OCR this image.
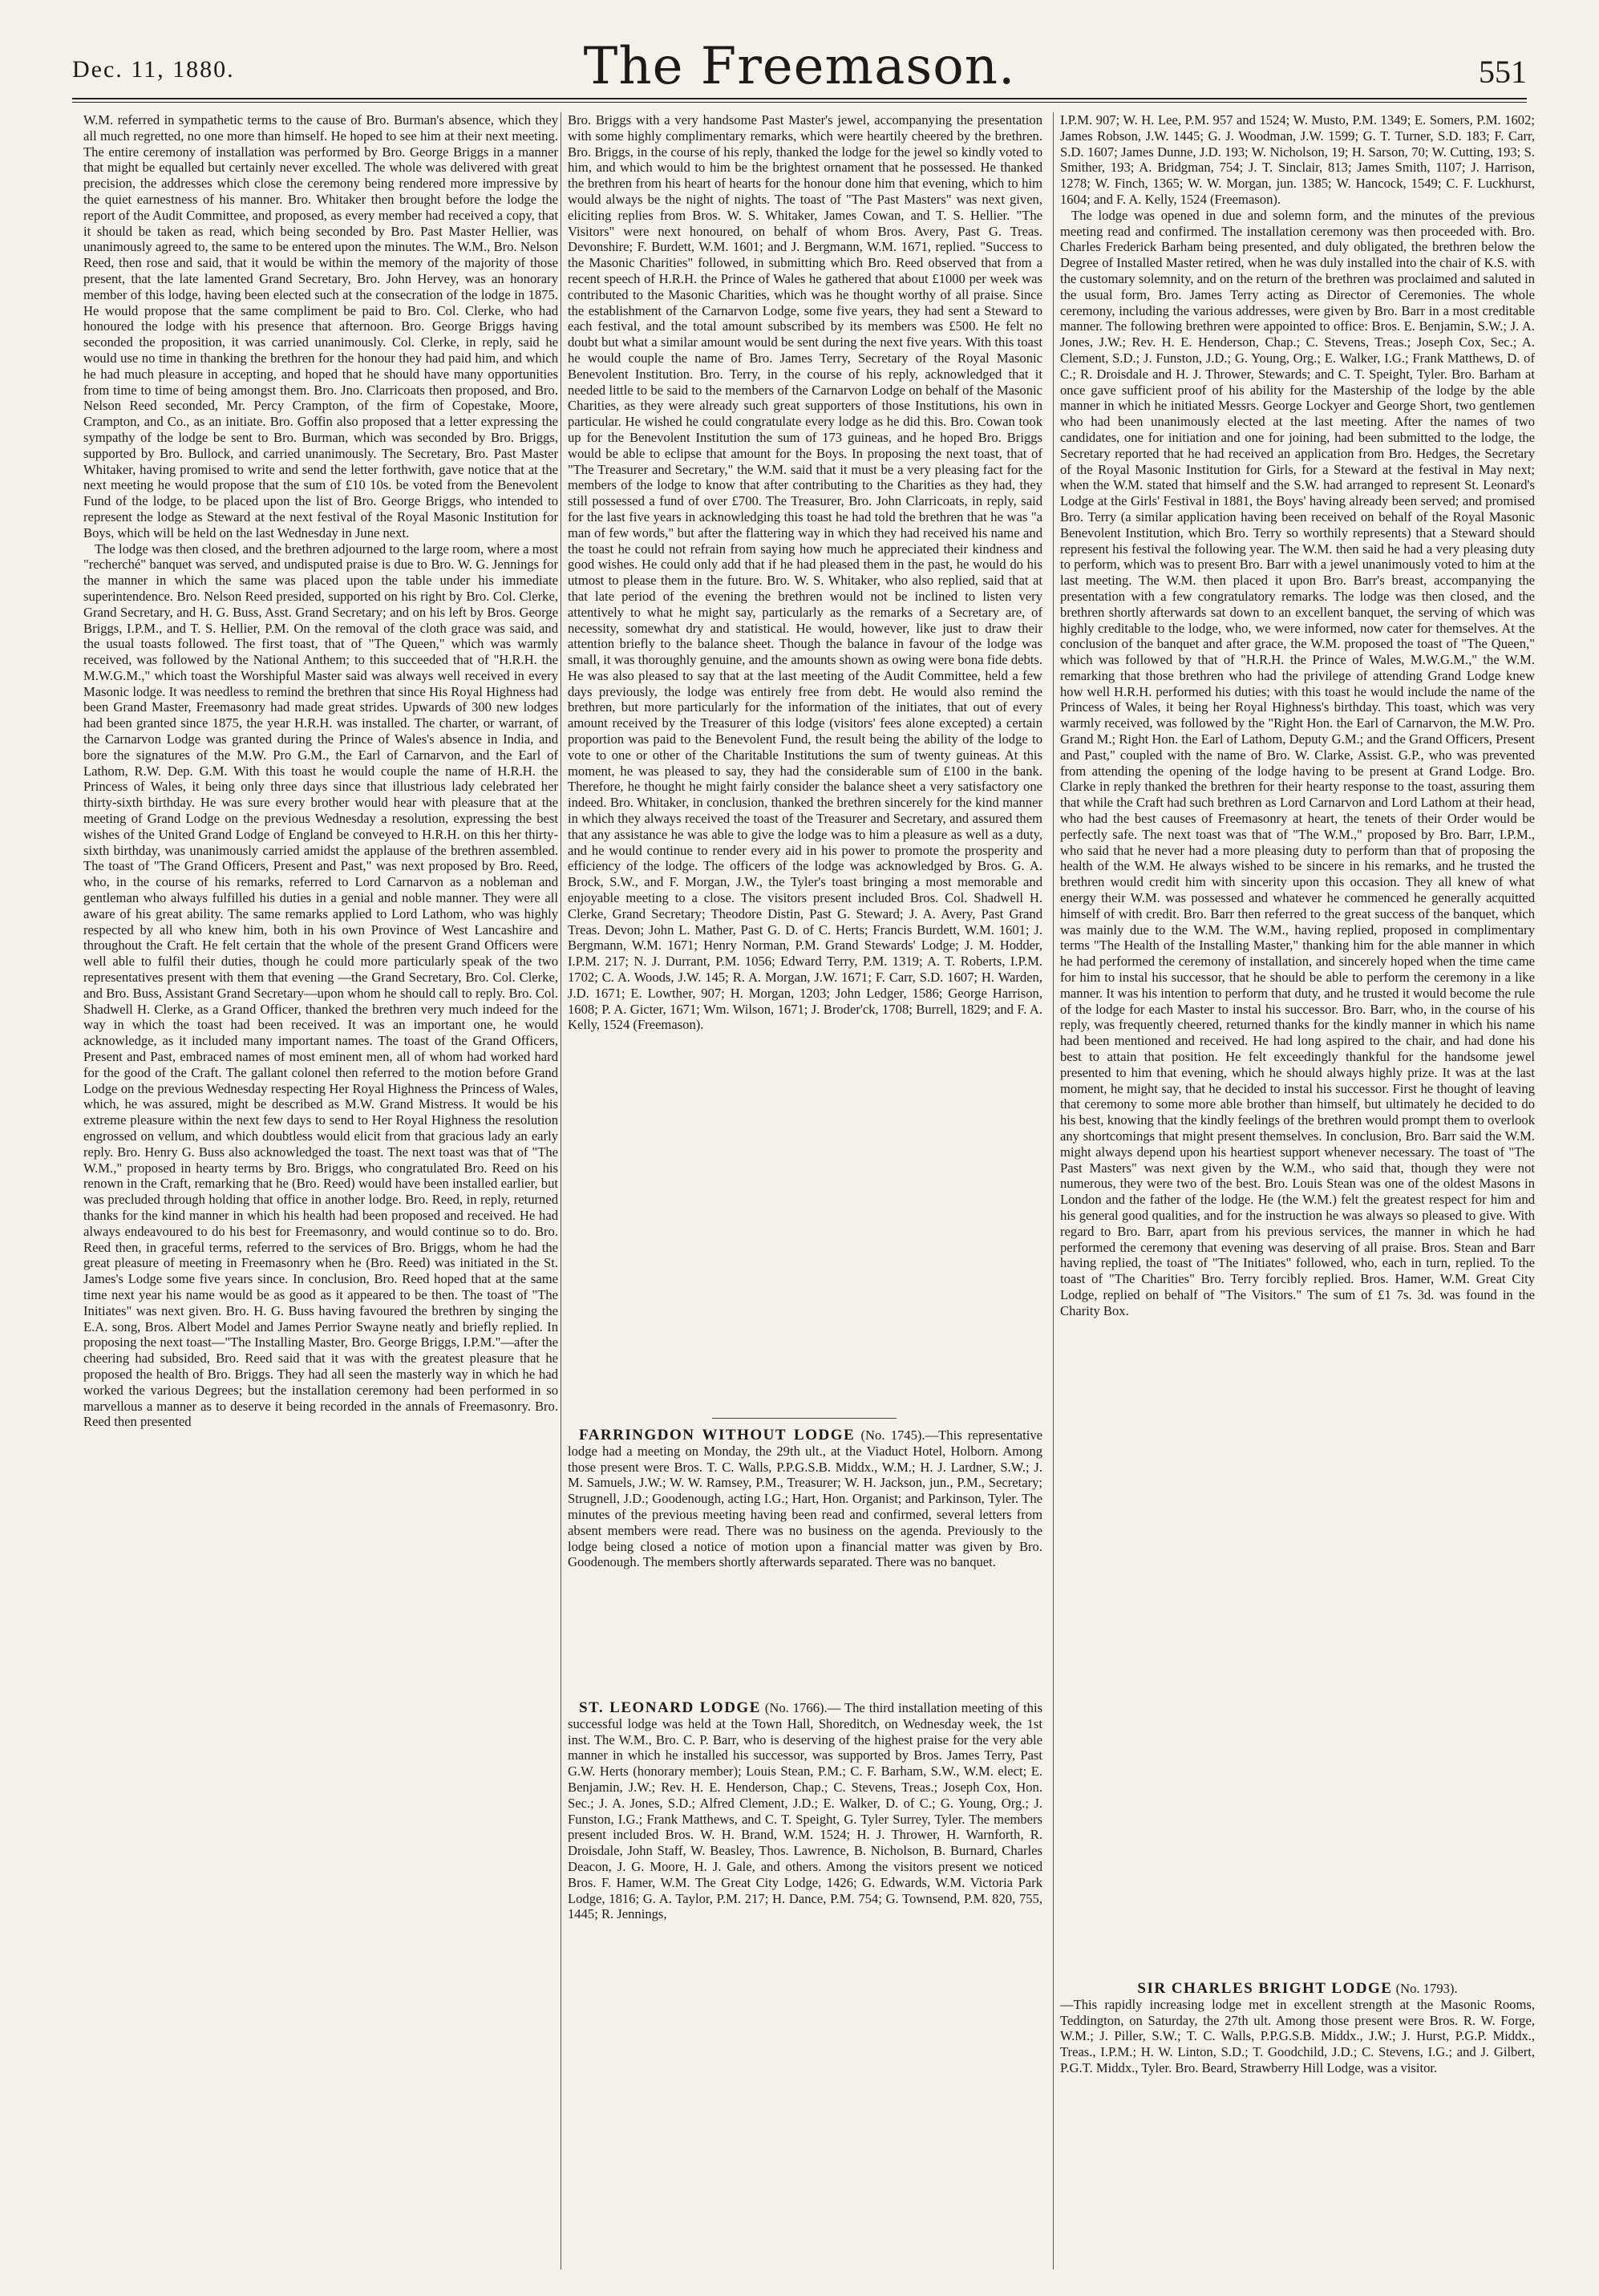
Dec. 11, 1880.	The Freemason.	551

W.M. referred in sympathetic terms to the cause of Bro. Burman's absence, which they all much regretted, no one more than himself. He hoped to see him at their next meeting. The entire ceremony of installation was performed by Bro. George Briggs in a manner that might be equalled but certainly never excelled. The whole was delivered with great precision, the addresses which close the ceremony being rendered more impressive by the quiet earnestness of his manner. Bro. Whitaker then brought before the lodge the report of the Audit Committee, and proposed, as every member had received a copy, that it should be taken as read, which being seconded by Bro. Past Master Hellier, was unanimously agreed to, the same to be entered upon the minutes. The W.M., Bro. Nelson Reed, then rose and said, that it would be within the memory of the majority of those present, that the late lamented Grand Secretary, Bro. John Hervey, was an honorary member of this lodge, having been elected such at the consecration of the lodge in 1875. He would propose that the same compliment be paid to Bro. Col. Clerke, who had honoured the lodge with his presence that afternoon. Bro. George Briggs having seconded the proposition, it was carried unanimously. Col. Clerke, in reply, said he would use no time in thanking the brethren for the honour they had paid him, and which he had much pleasure in accepting, and hoped that he should have many opportunities from time to time of being amongst them. Bro. Jno. Clarricoats then proposed, and Bro. Nelson Reed seconded, Mr. Percy Crampton, of the firm of Copestake, Moore, Crampton, and Co., as an initiate. Bro. Goffin also proposed that a letter expressing the sympathy of the lodge be sent to Bro. Burman, which was seconded by Bro. Briggs, supported by Bro. Bullock, and carried unanimously. The Secretary, Bro. Past Master Whitaker, having promised to write and send the letter forthwith, gave notice that at the next meeting he would propose that the sum of £10 10s. be voted from the Benevolent Fund of the lodge, to be placed upon the list of Bro. George Briggs, who intended to represent the lodge as Steward at the next festival of the Royal Masonic Institution for Boys, which will be held on the last Wednesday in June next.

The lodge was then closed, and the brethren adjourned to the large room, where a most "recherché" banquet was served, and undisputed praise is due to Bro. W. G. Jennings for the manner in which the same was placed upon the table under his immediate superintendence. Bro. Nelson Reed presided, supported on his right by Bro. Col. Clerke, Grand Secretary, and H. G. Buss, Asst. Grand Secretary; and on his left by Bros. George Briggs, I.P.M., and T. S. Hellier, P.M. On the removal of the cloth grace was said, and the usual toasts followed. The first toast, that of "The Queen," which was warmly received, was followed by the National Anthem; to this succeeded that of "H.R.H. the M.W.G.M.," which toast the Worshipful Master said was always well received in every Masonic lodge. It was needless to remind the brethren that since His Royal Highness had been Grand Master, Freemasonry had made great strides. Upwards of 300 new lodges had been granted since 1875, the year H.R.H. was installed. The charter, or warrant, of the Carnarvon Lodge was granted during the Prince of Wales's absence in India, and bore the signatures of the M.W. Pro G.M., the Earl of Carnarvon, and the Earl of Lathom, R.W. Dep. G.M. With this toast he would couple the name of H.R.H. the Princess of Wales, it being only three days since that illustrious lady celebrated her thirty-sixth birthday. He was sure every brother would hear with pleasure that at the meeting of Grand Lodge on the previous Wednesday a resolution, expressing the best wishes of the United Grand Lodge of England be conveyed to H.R.H. on this her thirty-sixth birthday, was unanimously carried amidst the applause of the brethren assembled. The toast of "The Grand Officers, Present and Past," was next proposed by Bro. Reed, who, in the course of his remarks, referred to Lord Carnarvon as a nobleman and gentleman who always fulfilled his duties in a genial and noble manner. They were all aware of his great ability. The same remarks applied to Lord Lathom, who was highly respected by all who knew him, both in his own Province of West Lancashire and throughout the Craft. He felt certain that the whole of the present Grand Officers were well able to fulfil their duties, though he could more particularly speak of the two representatives present with them that evening —the Grand Secretary, Bro. Col. Clerke, and Bro. Buss, Assistant Grand Secretary—upon whom he should call to reply. Bro. Col. Shadwell H. Clerke, as a Grand Officer, thanked the brethren very much indeed for the way in which the toast had been received. It was an important one, he would acknowledge, as it included many important names. The toast of the Grand Officers, Present and Past, embraced names of most eminent men, all of whom had worked hard for the good of the Craft. The gallant colonel then referred to the motion before Grand Lodge on the previous Wednesday respecting Her Royal Highness the Princess of Wales, which, he was assured, might be described as M.W. Grand Mistress. It would be his extreme pleasure within the next few days to send to Her Royal Highness the resolution engrossed on vellum, and which doubtless would elicit from that gracious lady an early reply. Bro. Henry G. Buss also acknowledged the toast. The next toast was that of "The W.M.," proposed in hearty terms by Bro. Briggs, who congratulated Bro. Reed on his renown in the Craft, remarking that he (Bro. Reed) would have been installed earlier, but was precluded through holding that office in another lodge. Bro. Reed, in reply, returned thanks for the kind manner in which his health had been proposed and received. He had always endeavoured to do his best for Freemasonry, and would continue so to do. Bro. Reed then, in graceful terms, referred to the services of Bro. Briggs, whom he had the great pleasure of meeting in Freemasonry when he (Bro. Reed) was initiated in the St. James's Lodge some five years since. In conclusion, Bro. Reed hoped that at the same time next year his name would be as good as it appeared to be then. The toast of "The Initiates" was next given. Bro. H. G. Buss having favoured the brethren by singing the E.A. song, Bros. Albert Model and James Perrior Swayne neatly and briefly replied. In proposing the next toast—"The Installing Master, Bro. George Briggs, I.P.M."—after the cheering had subsided, Bro. Reed said that it was with the greatest pleasure that he proposed the health of Bro. Briggs. They had all seen the masterly way in which he had worked the various Degrees; but the installation ceremony had been performed in so marvellous a manner as to deserve it being recorded in the annals of Freemasonry. Bro. Reed then presented

Bro. Briggs with a very handsome Past Master's jewel, accompanying the presentation with some highly complimentary remarks, which were heartily cheered by the brethren. Bro. Briggs, in the course of his reply, thanked the lodge for the jewel so kindly voted to him, and which would to him be the brightest ornament that he possessed. He thanked the brethren from his heart of hearts for the honour done him that evening, which to him would always be the night of nights. The toast of "The Past Masters" was next given, eliciting replies from Bros. W. S. Whitaker, James Cowan, and T. S. Hellier. "The Visitors" were next honoured, on behalf of whom Bros. Avery, Past G. Treas. Devonshire; F. Burdett, W.M. 1601; and J. Bergmann, W.M. 1671, replied. "Success to the Masonic Charities" followed, in submitting which Bro. Reed observed that from a recent speech of H.R.H. the Prince of Wales he gathered that about £1000 per week was contributed to the Masonic Charities, which was he thought worthy of all praise. Since the establishment of the Carnarvon Lodge, some five years, they had sent a Steward to each festival, and the total amount subscribed by its members was £500. He felt no doubt but what a similar amount would be sent during the next five years. With this toast he would couple the name of Bro. James Terry, Secretary of the Royal Masonic Benevolent Institution. Bro. Terry, in the course of his reply, acknowledged that it needed little to be said to the members of the Carnarvon Lodge on behalf of the Masonic Charities, as they were already such great supporters of those Institutions, his own in particular. He wished he could congratulate every lodge as he did this. Bro. Cowan took up for the Benevolent Institution the sum of 173 guineas, and he hoped Bro. Briggs would be able to eclipse that amount for the Boys. In proposing the next toast, that of "The Treasurer and Secretary," the W.M. said that it must be a very pleasing fact for the members of the lodge to know that after contributing to the Charities as they had, they still possessed a fund of over £700. The Treasurer, Bro. John Clarricoats, in reply, said for the last five years in acknowledging this toast he had told the brethren that he was "a man of few words," but after the flattering way in which they had received his name and the toast he could not refrain from saying how much he appreciated their kindness and good wishes. He could only add that if he had pleased them in the past, he would do his utmost to please them in the future. Bro. W. S. Whitaker, who also replied, said that at that late period of the evening the brethren would not be inclined to listen very attentively to what he might say, particularly as the remarks of a Secretary are, of necessity, somewhat dry and statistical. He would, however, like just to draw their attention briefly to the balance sheet. Though the balance in favour of the lodge was small, it was thoroughly genuine, and the amounts shown as owing were bona fide debts. He was also pleased to say that at the last meeting of the Audit Committee, held a few days previously, the lodge was entirely free from debt. He would also remind the brethren, but more particularly for the information of the initiates, that out of every amount received by the Treasurer of this lodge (visitors' fees alone excepted) a certain proportion was paid to the Benevolent Fund, the result being the ability of the lodge to vote to one or other of the Charitable Institutions the sum of twenty guineas. At this moment, he was pleased to say, they had the considerable sum of £100 in the bank. Therefore, he thought he might fairly consider the balance sheet a very satisfactory one indeed. Bro. Whitaker, in conclusion, thanked the brethren sincerely for the kind manner in which they always received the toast of the Treasurer and Secretary, and assured them that any assistance he was able to give the lodge was to him a pleasure as well as a duty, and he would continue to render every aid in his power to promote the prosperity and efficiency of the lodge. The officers of the lodge was acknowledged by Bros. G. A. Brock, S.W., and F. Morgan, J.W., the Tyler's toast bringing a most memorable and enjoyable meeting to a close. The visitors present included Bros. Col. Shadwell H. Clerke, Grand Secretary; Theodore Distin, Past G. Steward; J. A. Avery, Past Grand Treas. Devon; John L. Mather, Past G. D. of C. Herts; Francis Burdett, W.M. 1601; J. Bergmann, W.M. 1671; Henry Norman, P.M. Grand Stewards' Lodge; J. M. Hodder, I.P.M. 217; N. J. Durrant, P.M. 1056; Edward Terry, P.M. 1319; A. T. Roberts, I.P.M. 1702; C. A. Woods, J.W. 145; R. A. Morgan, J.W. 1671; F. Carr, S.D. 1607; H. Warden, J.D. 1671; E. Lowther, 907; H. Morgan, 1203; John Ledger, 1586; George Harrison, 1608; P. A. Gicter, 1671; Wm. Wilson, 1671; J. Broder'ck, 1708; Burrell, 1829; and F. A. Kelly, 1524 (Freemason).

FARRINGDON WITHOUT LODGE (No. 1745).—This representative lodge had a meeting on Monday, the 29th ult., at the Viaduct Hotel, Holborn. Among those present were Bros. T. C. Walls, P.P.G.S.B. Middx., W.M.; H. J. Lardner, S.W.; J. M. Samuels, J.W.; W. W. Ramsey, P.M., Treasurer; W. H. Jackson, jun., P.M., Secretary; Strugnell, J.D.; Goodenough, acting I.G.; Hart, Hon. Organist; and Parkinson, Tyler. The minutes of the previous meeting having been read and confirmed, several letters from absent members were read. There was no business on the agenda. Previously to the lodge being closed a notice of motion upon a financial matter was given by Bro. Goodenough. The members shortly afterwards separated. There was no banquet.

ST. LEONARD LODGE (No. 1766).— The third installation meeting of this successful lodge was held at the Town Hall, Shoreditch, on Wednesday week, the 1st inst. The W.M., Bro. C. P. Barr, who is deserving of the highest praise for the very able manner in which he installed his successor, was supported by Bros. James Terry, Past G.W. Herts (honorary member); Louis Stean, P.M.; C. F. Barham, S.W., W.M. elect; E. Benjamin, J.W.; Rev. H. E. Henderson, Chap.; C. Stevens, Treas.; Joseph Cox, Hon. Sec.; J. A. Jones, S.D.; Alfred Clement, J.D.; E. Walker, D. of C.; G. Young, Org.; J. Funston, I.G.; Frank Matthews, and C. T. Speight, G. Tyler Surrey, Tyler. The members present included Bros. W. H. Brand, W.M. 1524; H. J. Thrower, H. Warnforth, R. Droisdale, John Staff, W. Beasley, Thos. Lawrence, B. Nicholson, B. Burnard, Charles Deacon, J. G. Moore, H. J. Gale, and others. Among the visitors present we noticed Bros. F. Hamer, W.M. The Great City Lodge, 1426; G. Edwards, W.M. Victoria Park Lodge, 1816; G. A. Taylor, P.M. 217; H. Dance, P.M. 754; G. Townsend, P.M. 820, 755, 1445; R. Jennings,

I.P.M. 907; W. H. Lee, P.M. 957 and 1524; W. Musto, P.M. 1349; E. Somers, P.M. 1602; James Robson, J.W. 1445; G. J. Woodman, J.W. 1599; G. T. Turner, S.D. 183; F. Carr, S.D. 1607; James Dunne, J.D. 193; W. Nicholson, 19; H. Sarson, 70; W. Cutting, 193; S. Smither, 193; A. Bridgman, 754; J. T. Sinclair, 813; James Smith, 1107; J. Harrison, 1278; W. Finch, 1365; W. W. Morgan, jun. 1385; W. Hancock, 1549; C. F. Luckhurst, 1604; and F. A. Kelly, 1524 (Freemason).

The lodge was opened in due and solemn form, and the minutes of the previous meeting read and confirmed. The installation ceremony was then proceeded with. Bro. Charles Frederick Barham being presented, and duly obligated, the brethren below the Degree of Installed Master retired, when he was duly installed into the chair of K.S. with the customary solemnity, and on the return of the brethren was proclaimed and saluted in the usual form, Bro. James Terry acting as Director of Ceremonies. The whole ceremony, including the various addresses, were given by Bro. Barr in a most creditable manner. The following brethren were appointed to office: Bros. E. Benjamin, S.W.; J. A. Jones, J.W.; Rev. H. E. Henderson, Chap.; C. Stevens, Treas.; Joseph Cox, Sec.; A. Clement, S.D.; J. Funston, J.D.; G. Young, Org.; E. Walker, I.G.; Frank Matthews, D. of C.; R. Droisdale and H. J. Thrower, Stewards; and C. T. Speight, Tyler. Bro. Barham at once gave sufficient proof of his ability for the Mastership of the lodge by the able manner in which he initiated Messrs. George Lockyer and George Short, two gentlemen who had been unanimously elected at the last meeting. After the names of two candidates, one for initiation and one for joining, had been submitted to the lodge, the Secretary reported that he had received an application from Bro. Hedges, the Secretary of the Royal Masonic Institution for Girls, for a Steward at the festival in May next; when the W.M. stated that himself and the S.W. had arranged to represent St. Leonard's Lodge at the Girls' Festival in 1881, the Boys' having already been served; and promised Bro. Terry (a similar application having been received on behalf of the Royal Masonic Benevolent Institution, which Bro. Terry so worthily represents) that a Steward should represent his festival the following year. The W.M. then said he had a very pleasing duty to perform, which was to present Bro. Barr with a jewel unanimously voted to him at the last meeting. The W.M. then placed it upon Bro. Barr's breast, accompanying the presentation with a few congratulatory remarks. The lodge was then closed, and the brethren shortly afterwards sat down to an excellent banquet, the serving of which was highly creditable to the lodge, who, we were informed, now cater for themselves. At the conclusion of the banquet and after grace, the W.M. proposed the toast of "The Queen," which was followed by that of "H.R.H. the Prince of Wales, M.W.G.M.," the W.M. remarking that those brethren who had the privilege of attending Grand Lodge knew how well H.R.H. performed his duties; with this toast he would include the name of the Princess of Wales, it being her Royal Highness's birthday. This toast, which was very warmly received, was followed by the "Right Hon. the Earl of Carnarvon, the M.W. Pro. Grand M.; Right Hon. the Earl of Lathom, Deputy G.M.; and the Grand Officers, Present and Past," coupled with the name of Bro. W. Clarke, Assist. G.P., who was prevented from attending the opening of the lodge having to be present at Grand Lodge. Bro. Clarke in reply thanked the brethren for their hearty response to the toast, assuring them that while the Craft had such brethren as Lord Carnarvon and Lord Lathom at their head, who had the best causes of Freemasonry at heart, the tenets of their Order would be perfectly safe. The next toast was that of "The W.M.," proposed by Bro. Barr, I.P.M., who said that he never had a more pleasing duty to perform than that of proposing the health of the W.M. He always wished to be sincere in his remarks, and he trusted the brethren would credit him with sincerity upon this occasion. They all knew of what energy their W.M. was possessed and whatever he commenced he generally acquitted himself of with credit. Bro. Barr then referred to the great success of the banquet, which was mainly due to the W.M. The W.M., having replied, proposed in complimentary terms "The Health of the Installing Master," thanking him for the able manner in which he had performed the ceremony of installation, and sincerely hoped when the time came for him to instal his successor, that he should be able to perform the ceremony in a like manner. It was his intention to perform that duty, and he trusted it would become the rule of the lodge for each Master to instal his successor. Bro. Barr, who, in the course of his reply, was frequently cheered, returned thanks for the kindly manner in which his name had been mentioned and received. He had long aspired to the chair, and had done his best to attain that position. He felt exceedingly thankful for the handsome jewel presented to him that evening, which he should always highly prize. It was at the last moment, he might say, that he decided to instal his successor. First he thought of leaving that ceremony to some more able brother than himself, but ultimately he decided to do his best, knowing that the kindly feelings of the brethren would prompt them to overlook any shortcomings that might present themselves. In conclusion, Bro. Barr said the W.M. might always depend upon his heartiest support whenever necessary. The toast of "The Past Masters" was next given by the W.M., who said that, though they were not numerous, they were two of the best. Bro. Louis Stean was one of the oldest Masons in London and the father of the lodge. He (the W.M.) felt the greatest respect for him and his general good qualities, and for the instruction he was always so pleased to give. With regard to Bro. Barr, apart from his previous services, the manner in which he had performed the ceremony that evening was deserving of all praise. Bros. Stean and Barr having replied, the toast of "The Initiates" followed, who, each in turn, replied. To the toast of "The Charities" Bro. Terry forcibly replied. Bros. Hamer, W.M. Great City Lodge, replied on behalf of "The Visitors." The sum of £1 7s. 3d. was found in the Charity Box.

SIR CHARLES BRIGHT LODGE (No. 1793).

—This rapidly increasing lodge met in excellent strength at the Masonic Rooms, Teddington, on Saturday, the 27th ult. Among those present were Bros. R. W. Forge, W.M.; J. Piller, S.W.; T. C. Walls, P.P.G.S.B. Middx., J.W.; J. Hurst, P.G.P. Middx., Treas., I.P.M.; H. W. Linton, S.D.; T. Goodchild, J.D.; C. Stevens, I.G.; and J. Gilbert, P.G.T. Middx., Tyler. Bro. Beard, Strawberry Hill Lodge, was a visitor.
